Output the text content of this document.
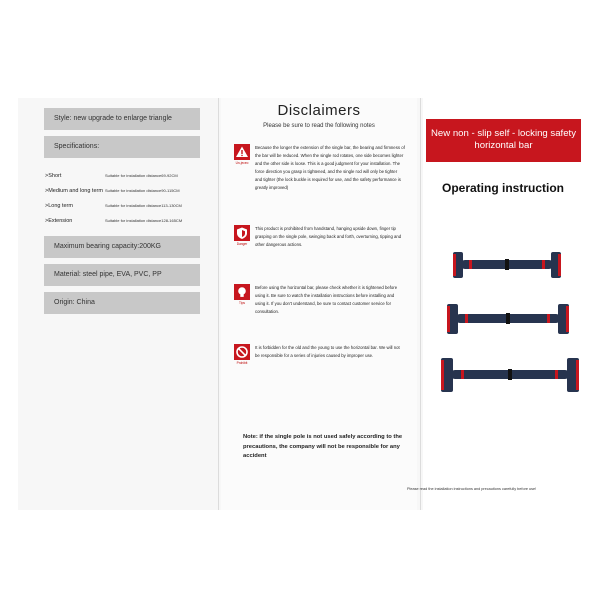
Style: new upgrade to enlarge triangle
Specifications:
>Short	Suitable for installation distance69-92CM
>Medium and long term Suitable for installation distance90-115CM
>Long term	Suitable for installation distance113-130CM
>Extension	Suitable for installation distance128-165CM
Maximum bearing capacity:200KG
Material: steel pipe, EVA, PVC, PP
Origin: China
Disclaimers
Please be sure to read the following notes
Un-jeceo
Because the longer the extension of the single bar, the bearing and firmness of the bar will be reduced. When the single rod rotates, one side becomes lighter and the other side is loose. This is a good judgment for your installation. The force direction you grasp is tightened, and the single rod will only be tighter and tighter (the lock buckle is required for use, and the safety performance is greatly improved)
Danger
This product is prohibited from handstand, hanging upside down, finger tip grasping on the single pole, swinging back and forth, overturning, tipping and other dangerous actions.
Tips
Before using the horizontal bar, please check whether it is tightened before using it. Be sure to watch the installation instructions before installing and using it. If you don't understand, be sure to contact customer service for consultation.
Prohibit
It is forbidden for the old and the young to use the horizontal bar. We will not be responsible for a series of injuries caused by improper use.
Note: if the single pole is not used safely according to the precautions, the company will not be responsible for any accident
New non - slip self - locking safety horizontal bar
Operating instruction
Please read the installation instructions and precautions carefully before use!
